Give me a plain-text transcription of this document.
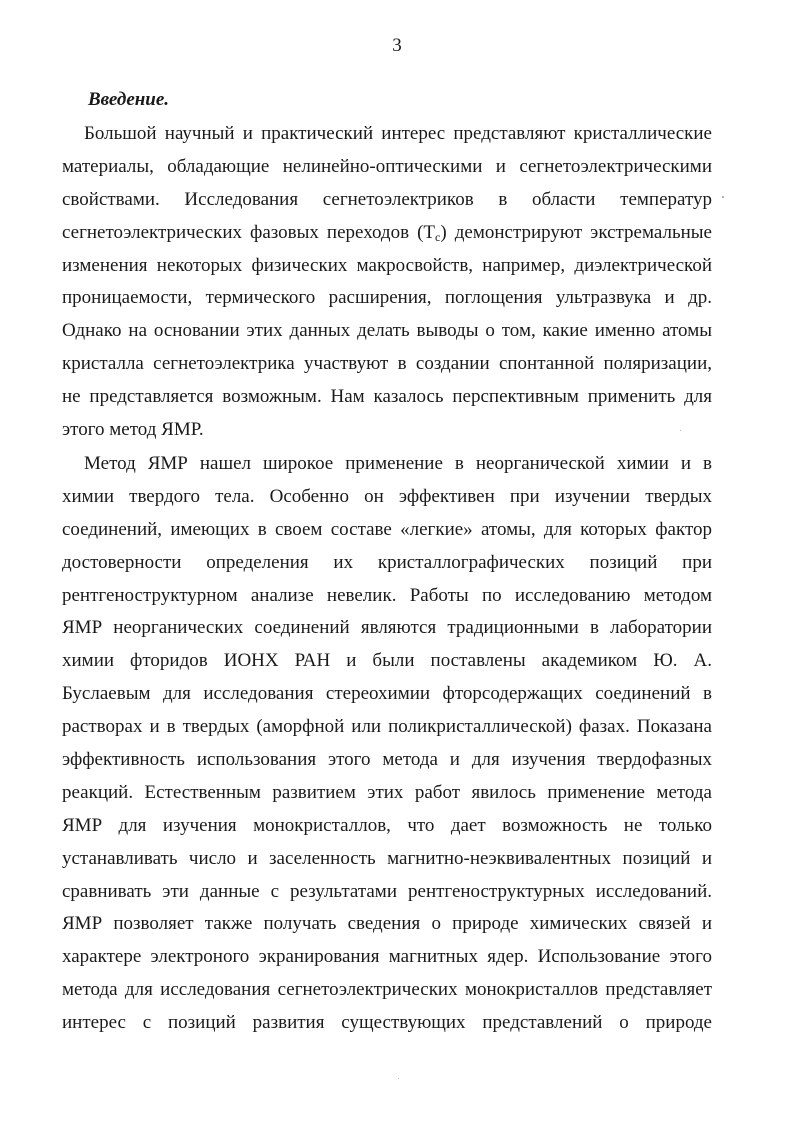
3
Введение.
Большой научный и практический интерес представляют кристаллические
материалы, обладающие нелинейно-оптическими и сегнетоэлектрическими
свойствами. Исследования сегнетоэлектриков в области температур
сегнетоэлектрических фазовых переходов $(T_c)$ демонстрируют экстремальные
изменения некоторых физических макросвойств, например, диэлектрической
проницаемости, термического расширения, поглощения ультразвука и др.
Однако на основании этих данных делать выводы о том, какие именно атомы
кристалла сегнетоэлектрика участвуют в создании спонтанной поляризации,
не представляется возможным. Нам казалось перспективным применить для
этого метод ЯМР.
Метод ЯМР нашел широкое применение в неорганической химии и в
химии твердого тела. Особенно он эффективен при изучении твердых
соединений, имеющих в своем составе «легкие» атомы, для которых фактор
достоверности определения их кристаллографических позиций при
рентгеноструктурном анализе невелик. Работы по исследованию методом
ЯМР неорганических соединений являются традиционными в лаборатории
химии фторидов ИОНХ РАН и были поставлены академиком Ю. А.
Буслаевым для исследования стереохимии фторсодержащих соединений в
растворах и в твердых (аморфной или поликристаллической) фазах. Показана
эффективность использования этого метода и для изучения твердофазных
реакций. Естественным развитием этих работ явилось применение метода
ЯМР для изучения монокристаллов, что дает возможность не только
устанавливать число и заселенность магнитно-неэквивалентных позиций и
сравнивать эти данные с результатами рентгеноструктурных исследований.
ЯМР позволяет также получать сведения о природе химических связей и
характере электроного экранирования магнитных ядер. Использование этого
метода для исследования сегнетоэлектрических монокристаллов представляет
интерес с позиций развития существующих представлений о природе
